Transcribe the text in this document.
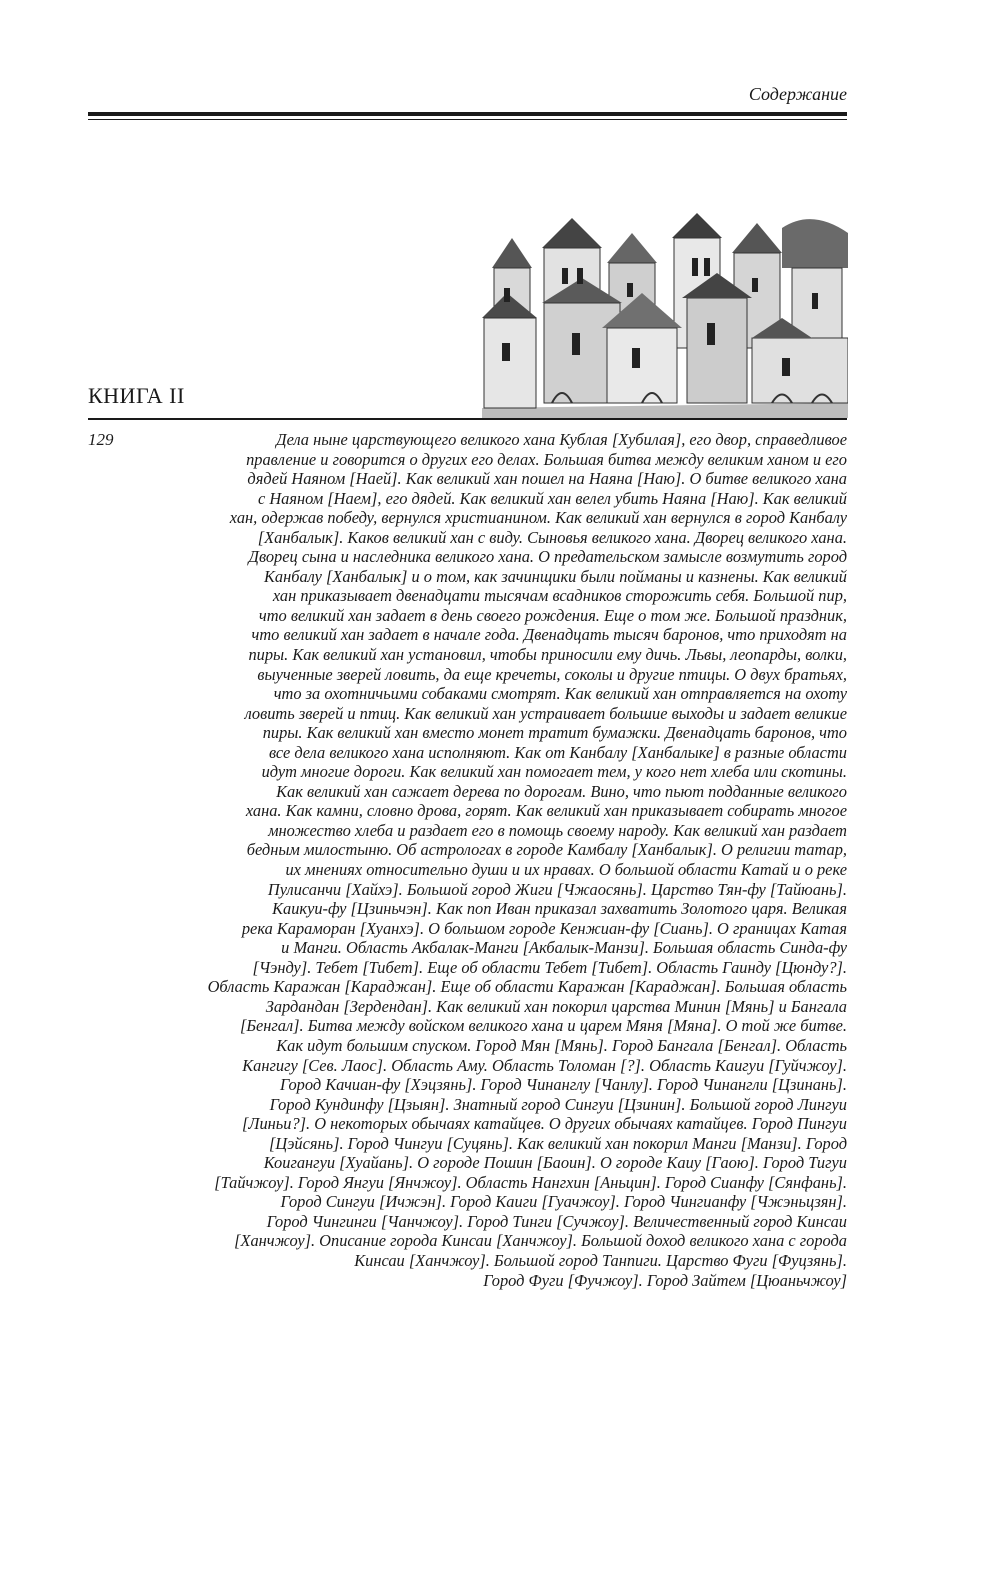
Содержание
КНИГА II
129	Дела ныне царствующего великого хана Кублая [Хубилая], его двор, справедливое
правление и говорится о других его делах. Большая битва между великим ханом и его
дядей Наяном [Наей]. Как великий хан пошел на Наяна [Наю]. О битве великого хана
с Наяном [Наем], его дядей. Как великий хан велел убить Наяна [Наю]. Как великий
хан, одержав победу, вернулся христианином. Как великий хан вернулся в город Канбалу
[Ханбалык]. Каков великий хан с виду. Сыновья великого хана. Дворец великого хана.
Дворец сына и наследника великого хана. О предательском замысле возмутить город
Канбалу [Ханбалык] и о том, как зачинщики были пойманы и казнены. Как великий
хан приказывает двенадцати тысячам всадников сторожить себя. Большой пир,
что великий хан задает в день своего рождения. Еще о том же. Большой праздник,
что великий хан задает в начале года. Двенадцать тысяч баронов, что приходят на
пиры. Как великий хан установил, чтобы приносили ему дичь. Львы, леопарды, волки,
выученные зверей ловить, да еще кречеты, соколы и другие птицы. О двух братьях,
что за охотничьими собаками смотрят. Как великий хан отправляется на охоту
ловить зверей и птиц. Как великий хан устраивает большие выходы и задает великие
пиры. Как великий хан вместо монет тратит бумажки. Двенадцать баронов, что
все дела великого хана исполняют. Как от Канбалу [Ханбалыке] в разные области
идут многие дороги. Как великий хан помогает тем, у кого нет хлеба или скотины.
Как великий хан сажает дерева по дорогам. Вино, что пьют подданные великого
хана. Как камни, словно дрова, горят. Как великий хан приказывает собирать многое
множество хлеба и раздает его в помощь своему народу. Как великий хан раздает
бедным милостыню. Об астрологах в городе Камбалу [Ханбалык]. О религии татар,
их мнениях относительно души и их нравах. О большой области Катай и о реке
Пулисанчи [Хайхэ]. Большой город Жиги [Чжаосянь]. Царство Тян-фу [Тайюань].
Каикуи-фу [Цзиньчэн]. Как поп Иван приказал захватить Золотого царя. Великая
река Караморан [Хуанхэ]. О большом городе Кенжиан-фу [Сиань]. О границах Катая
и Манги. Область Акбалак-Манги [Акбалык-Манзи]. Большая область Синда-фу
[Чэнду]. Тебет [Тибет]. Еще об области Тебет [Тибет]. Область Гаинду [Цюнду?].
Область Каражан [Караджан]. Еще об области Каражан [Караджан]. Большая область
Зардандан [Зердендан]. Как великий хан покорил царства Минин [Мянь] и Бангала
[Бенгал]. Битва между войском великого хана и царем Мяня [Мяна]. О той же битве.
Как идут большим спуском. Город Мян [Мянь]. Город Бангала [Бенгал]. Область
Кангигу [Сев. Лаос]. Область Аму. Область Толоман [?]. Область Каигуи [Гуйчжоу].
Город Качиан-фу [Хэцзянь]. Город Чинанглу [Чанлу]. Город Чинангли [Цзинань].
Город Кундинфу [Цзыян]. Знатный город Сингуи [Цзинин]. Большой город Лингуи
[Линьи?]. О некоторых обычаях катайцев. О других обычаях катайцев. Город Пингуи
[Цэйсянь]. Город Чингуи [Суцянь]. Как великий хан покорил Манги [Манзи]. Город
Коигангуи [Хуайань]. О городе Пошин [Баоин]. О городе Каиу [Гаою]. Город Тигуи
[Тайчжоу]. Город Янгуи [Янчжоу]. Область Нангхин [Аньцин]. Город Сианфу [Сянфань].
Город Сингуи [Ичжэн]. Город Каиги [Гуачжоу]. Город Чингианфу [Чжэньцзян].
Город Чингинги [Чанчжоу]. Город Тинги [Сучжоу]. Величественный город Кинсаи
[Ханчжоу]. Описание города Кинсаи [Ханчжоу]. Большой доход великого хана с города
Кинсаи [Ханчжоу]. Большой город Танпиги. Царство Фуги [Фуцзянь].
Город Фуги [Фучжоу]. Город Зайтем [Цюаньчжоу]
